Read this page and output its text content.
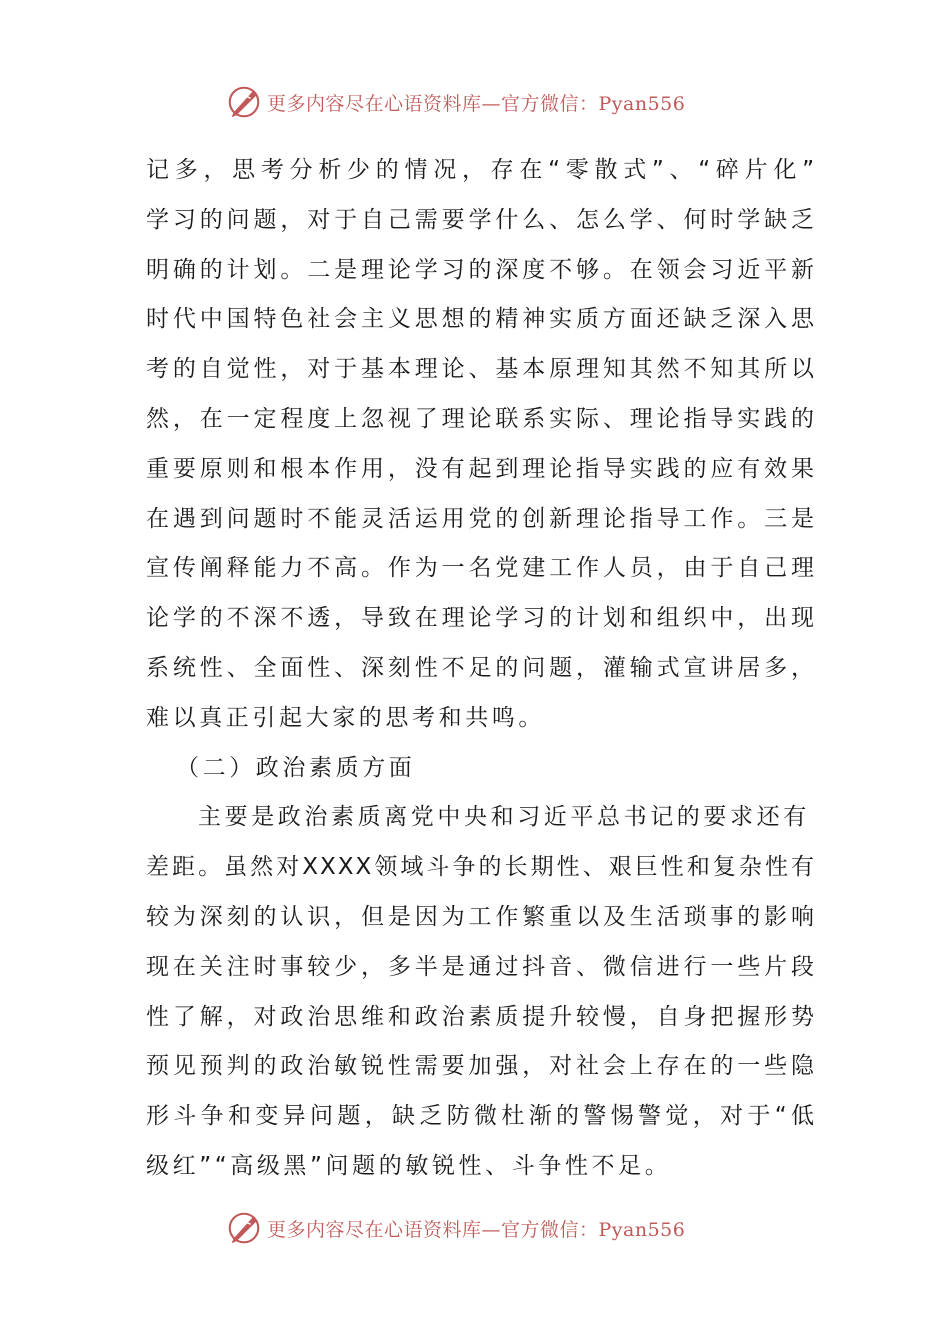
更多内容尽在心语资料库—官方微信：Pyan556
记多，思考分析少的情况，存在“零散式”、“碎片化”
学习的问题，对于自己需要学什么、怎么学、何时学缺乏
明确的计划。二是理论学习的深度不够。在领会习近平新
时代中国特色社会主义思想的精神实质方面还缺乏深入思
考的自觉性，对于基本理论、基本原理知其然不知其所以
然，在一定程度上忽视了理论联系实际、理论指导实践的
重要原则和根本作用，没有起到理论指导实践的应有效果
在遇到问题时不能灵活运用党的创新理论指导工作。三是
宣传阐释能力不高。作为一名党建工作人员，由于自己理
论学的不深不透，导致在理论学习的计划和组织中，出现
系统性、全面性、深刻性不足的问题，灌输式宣讲居多，
难以真正引起大家的思考和共鸣。
（二）政治素质方面
主要是政治素质离党中央和习近平总书记的要求还有
差距。虽然对XXXX领域斗争的长期性、艰巨性和复杂性有
较为深刻的认识，但是因为工作繁重以及生活琐事的影响
现在关注时事较少，多半是通过抖音、微信进行一些片段
性了解，对政治思维和政治素质提升较慢，自身把握形势
预见预判的政治敏锐性需要加强，对社会上存在的一些隐
形斗争和变异问题，缺乏防微杜渐的警惕警觉，对于“低
级红”“高级黑”问题的敏锐性、斗争性不足。
更多内容尽在心语资料库—官方微信：Pyan556
